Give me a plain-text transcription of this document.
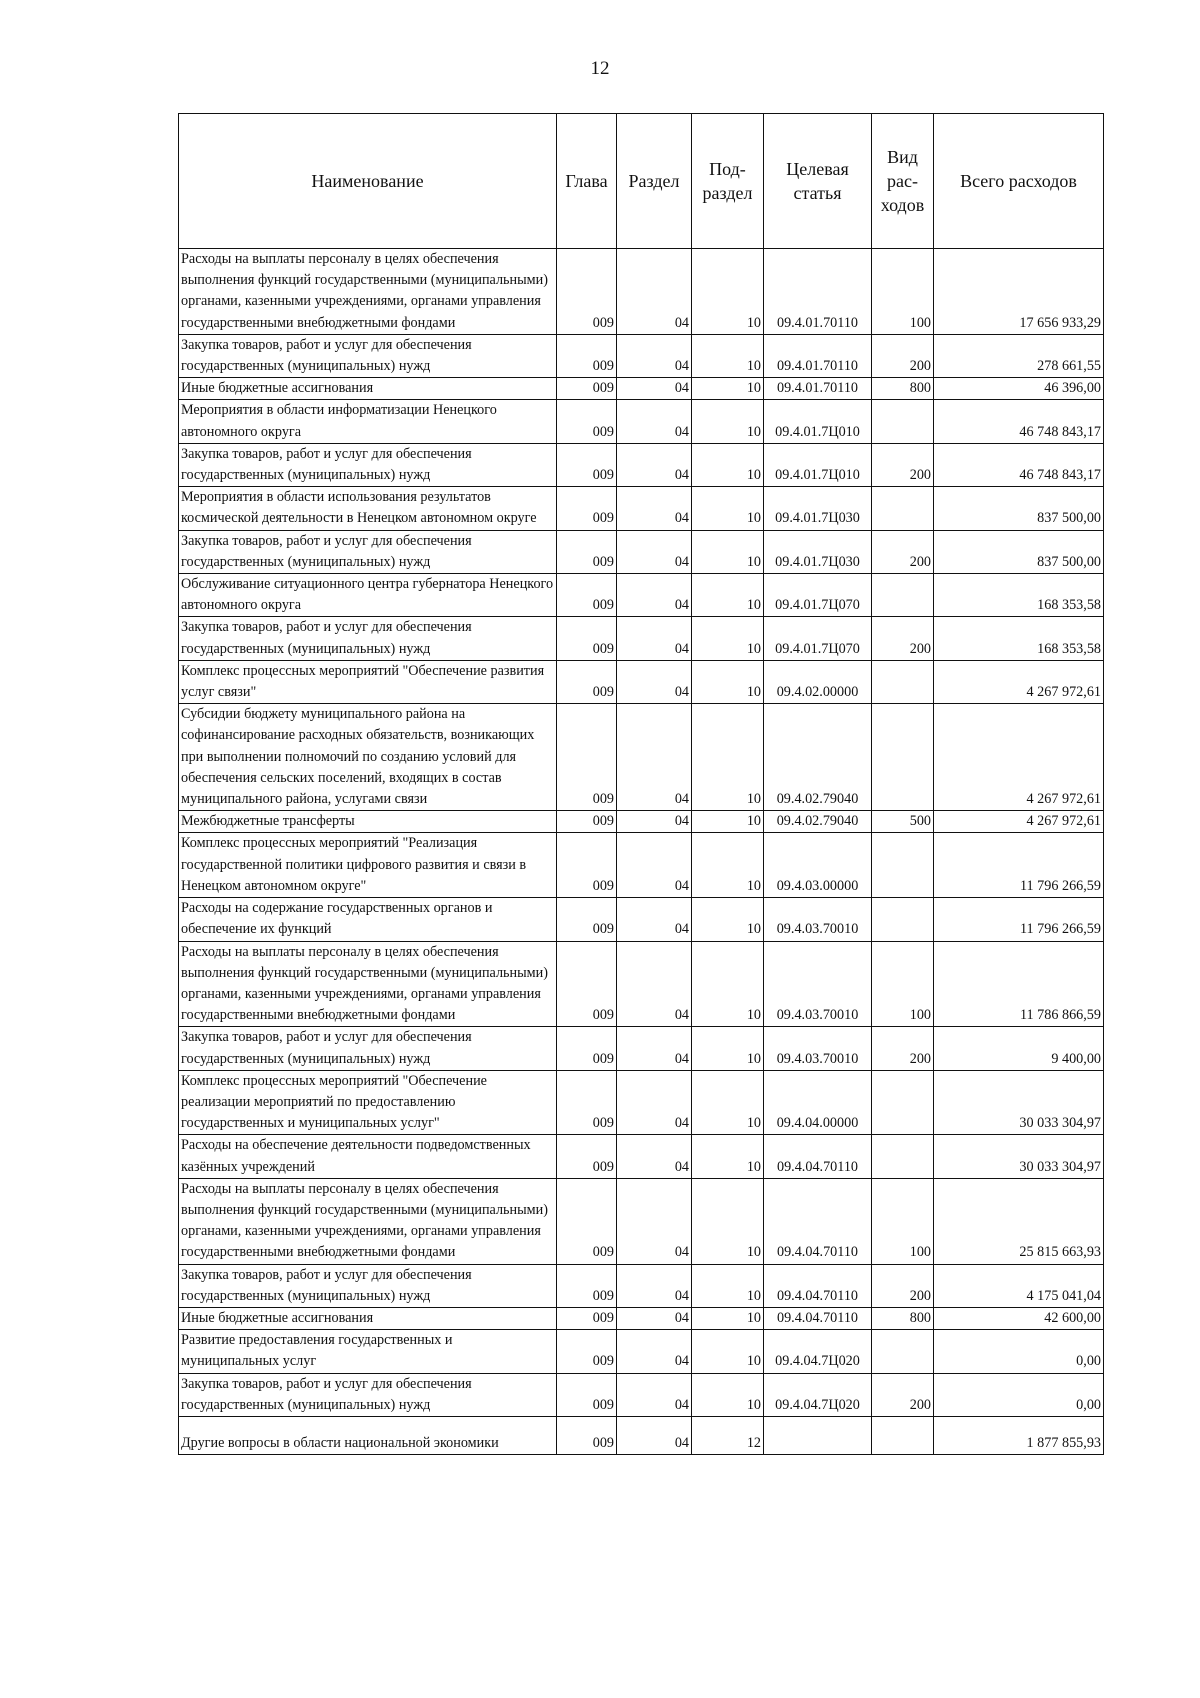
12
Наименование	Глава	Раздел	Под-раздел	Целевая статья	Вид рас-ходов	Всего расходов
Расходы на выплаты персоналу в целях обеспечения выполнения функций государственными (муниципальными) органами, казенными учреждениями, органами управления государственными внебюджетными фондами	009	04	10	09.4.01.70110	100	17 656 933,29
Закупка товаров, работ и услуг для обеспечения государственных (муниципальных) нужд	009	04	10	09.4.01.70110	200	278 661,55
Иные бюджетные ассигнования	009	04	10	09.4.01.70110	800	46 396,00
Мероприятия в области информатизации Ненецкого автономного округа	009	04	10	09.4.01.7Ц010		46 748 843,17
Закупка товаров, работ и услуг для обеспечения государственных (муниципальных) нужд	009	04	10	09.4.01.7Ц010	200	46 748 843,17
Мероприятия в области использования результатов космической деятельности в Ненецком автономном округе	009	04	10	09.4.01.7Ц030		837 500,00
Закупка товаров, работ и услуг для обеспечения государственных (муниципальных) нужд	009	04	10	09.4.01.7Ц030	200	837 500,00
Обслуживание ситуационного центра губернатора Ненецкого автономного округа	009	04	10	09.4.01.7Ц070		168 353,58
Закупка товаров, работ и услуг для обеспечения государственных (муниципальных) нужд	009	04	10	09.4.01.7Ц070	200	168 353,58
Комплекс процессных мероприятий "Обеспечение развития услуг связи"	009	04	10	09.4.02.00000		4 267 972,61
Субсидии бюджету муниципального района на софинансирование расходных обязательств, возникающих при выполнении полномочий по созданию условий для обеспечения сельских поселений, входящих в состав муниципального района, услугами связи	009	04	10	09.4.02.79040		4 267 972,61
Межбюджетные трансферты	009	04	10	09.4.02.79040	500	4 267 972,61
Комплекс процессных мероприятий "Реализация государственной политики цифрового развития и связи в Ненецком автономном округе"	009	04	10	09.4.03.00000		11 796 266,59
Расходы на содержание государственных органов и обеспечение их функций	009	04	10	09.4.03.70010		11 796 266,59
Расходы на выплаты персоналу в целях обеспечения выполнения функций государственными (муниципальными) органами, казенными учреждениями, органами управления государственными внебюджетными фондами	009	04	10	09.4.03.70010	100	11 786 866,59
Закупка товаров, работ и услуг для обеспечения государственных (муниципальных) нужд	009	04	10	09.4.03.70010	200	9 400,00
Комплекс процессных мероприятий "Обеспечение реализации мероприятий по предоставлению государственных и муниципальных услуг"	009	04	10	09.4.04.00000		30 033 304,97
Расходы на обеспечение деятельности подведомственных казённых учреждений	009	04	10	09.4.04.70110		30 033 304,97
Расходы на выплаты персоналу в целях обеспечения выполнения функций государственными (муниципальными) органами, казенными учреждениями, органами управления государственными внебюджетными фондами	009	04	10	09.4.04.70110	100	25 815 663,93
Закупка товаров, работ и услуг для обеспечения государственных (муниципальных) нужд	009	04	10	09.4.04.70110	200	4 175 041,04
Иные бюджетные ассигнования	009	04	10	09.4.04.70110	800	42 600,00
Развитие предоставления государственных и муниципальных услуг	009	04	10	09.4.04.7Ц020		0,00
Закупка товаров, работ и услуг для обеспечения государственных (муниципальных) нужд	009	04	10	09.4.04.7Ц020	200	0,00
Другие вопросы в области национальной экономики	009	04	12			1 877 855,93
